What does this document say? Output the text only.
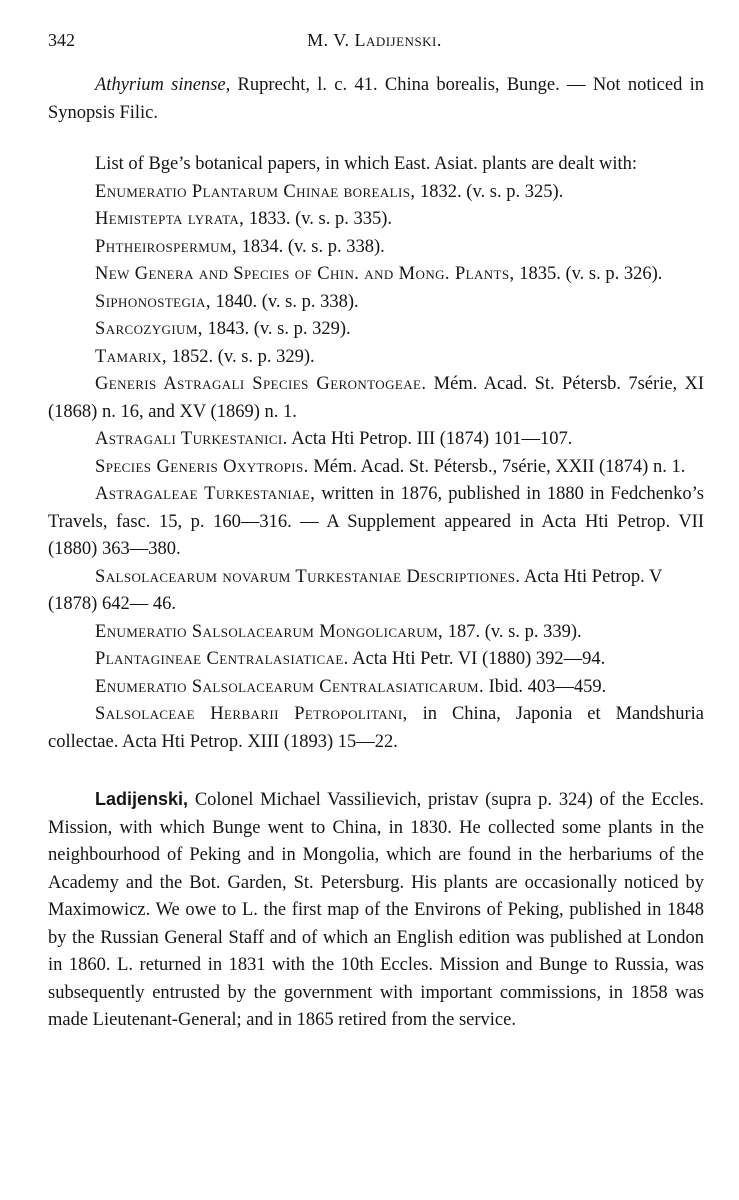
342	M. V. Ladijenski.

Athyrium sinense, Ruprecht, l. c. 41. China borealis, Bunge. — Not noticed in Synopsis Filic.

List of Bge’s botanical papers, in which East. Asiat. plants are dealt with:

Enumeratio Plantarum Chinae borealis, 1832. (v. s. p. 325).

Hemistepta lyrata, 1833. (v. s. p. 335).

Phtheirospermum, 1834. (v. s. p. 338).

New Genera and Species of Chin. and Mong. Plants, 1835. (v. s. p. 326).

Siphonostegia, 1840. (v. s. p. 338).

Sarcozygium, 1843. (v. s. p. 329).

Tamarix, 1852. (v. s. p. 329).

Generis Astragali Species Gerontogeae. Mém. Acad. St. Pétersb. 7série, XI (1868) n. 16, and XV (1869) n. 1.

Astragali Turkestanici. Acta Hti Petrop. III (1874) 101—107.

Species Generis Oxytropis. Mém. Acad. St. Pétersb., 7série, XXII (1874) n. 1.

Astragaleae Turkestaniae, written in 1876, published in 1880 in Fedchenko’s Travels, fasc. 15, p. 160—316. — A Supplement appeared in Acta Hti Petrop. VII (1880) 363—380.

Salsolacearum novarum Turkestaniae Descriptiones. Acta Hti Petrop. V (1878) 642— 46.

Enumeratio Salsolacearum Mongolicarum, 187. (v. s. p. 339).

Plantagineae Centralasiaticae. Acta Hti Petr. VI (1880) 392—94.

Enumeratio Salsolacearum Centralasiaticarum. Ibid. 403—459.

Salsolaceae Herbarii Petropolitani, in China, Japonia et Mandshuria collectae. Acta Hti Petrop. XIII (1893) 15—22.

Ladijenski, Colonel Michael Vassilievich, pristav (supra p. 324) of the Eccles. Mission, with which Bunge went to China, in 1830. He collected some plants in the neighbourhood of Peking and in Mongolia, which are found in the herbariums of the Academy and the Bot. Garden, St. Petersburg. His plants are occasionally noticed by Maximowicz. We owe to L. the first map of the Environs of Peking, published in 1848 by the Russian General Staff and of which an English edition was published at London in 1860. L. returned in 1831 with the 10th Eccles. Mission and Bunge to Russia, was subsequently entrusted by the government with important commissions, in 1858 was made Lieutenant-General; and in 1865 retired from the service.
